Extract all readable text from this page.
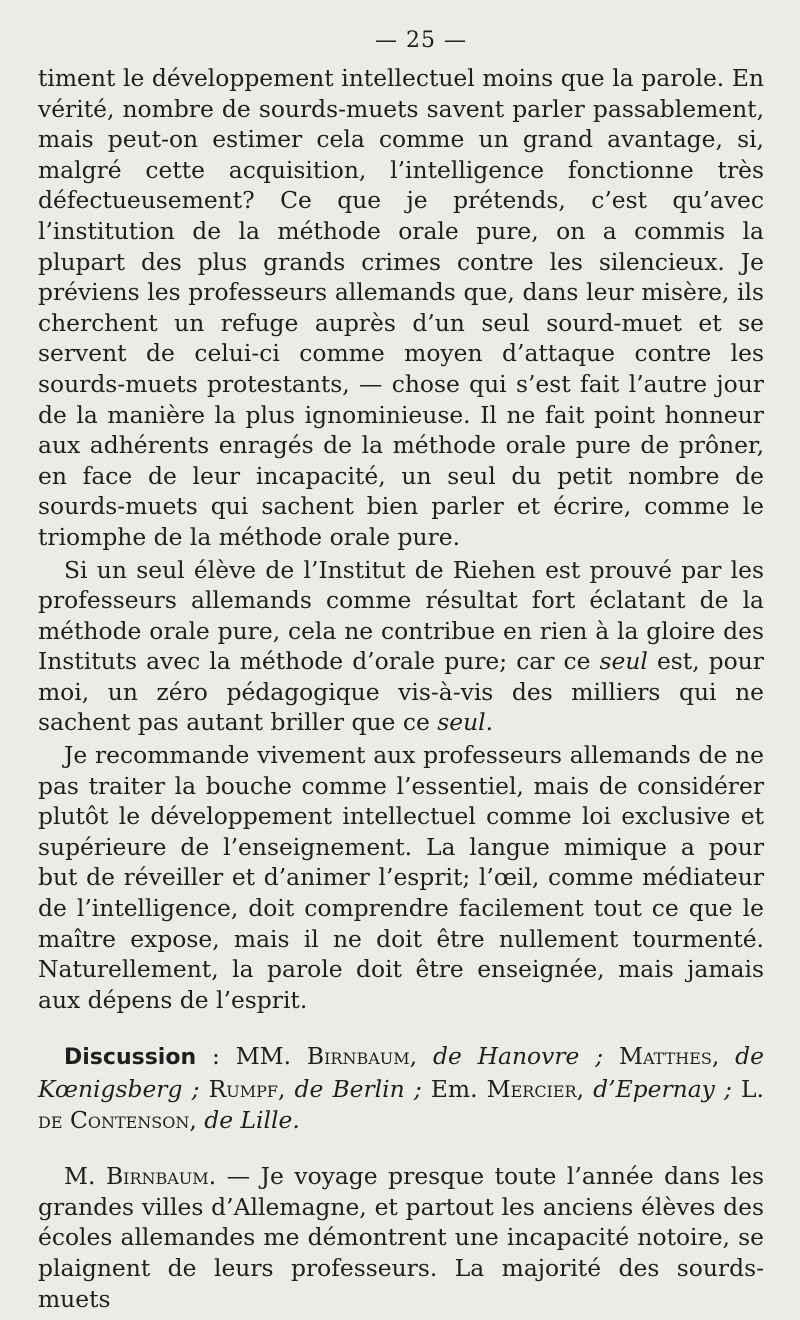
— 25 —

timent le développement intellectuel moins que la parole. En vérité, nombre de sourds-muets savent parler passablement, mais peut-on estimer cela comme un grand avantage, si, malgré cette acquisition, l’intelligence fonctionne très défectueusement? Ce que je prétends, c’est qu’avec l’institution de la méthode orale pure, on a commis la plupart des plus grands crimes contre les silencieux. Je préviens les professeurs allemands que, dans leur misère, ils cherchent un refuge auprès d’un seul sourd-muet et se servent de celui-ci comme moyen d’attaque contre les sourds-muets protestants, — chose qui s’est fait l’autre jour de la manière la plus ignominieuse. Il ne fait point honneur aux adhérents enragés de la méthode orale pure de prôner, en face de leur incapacité, un seul du petit nombre de sourds-muets qui sachent bien parler et écrire, comme le triomphe de la méthode orale pure.

Si un seul élève de l’Institut de Riehen est prouvé par les professeurs allemands comme résultat fort éclatant de la méthode orale pure, cela ne contribue en rien à la gloire des Instituts avec la méthode d’orale pure; car ce seul est, pour moi, un zéro pédagogique vis-à-vis des milliers qui ne sachent pas autant briller que ce seul.

Je recommande vivement aux professeurs allemands de ne pas traiter la bouche comme l’essentiel, mais de considérer plutôt le développement intellectuel comme loi exclusive et supérieure de l’enseignement. La langue mimique a pour but de réveiller et d’animer l’esprit; l’œil, comme médiateur de l’intelligence, doit comprendre facilement tout ce que le maître expose, mais il ne doit être nullement tourmenté. Naturellement, la parole doit être enseignée, mais jamais aux dépens de l’esprit.

Discussion : MM. Birnbaum, de Hanovre ; Matthes, de Kœnigsberg ; Rumpf, de Berlin ; Em. Mercier, d’Epernay ; L. de Contenson, de Lille.

M. Birnbaum. — Je voyage presque toute l’année dans les grandes villes d’Allemagne, et partout les anciens élèves des écoles allemandes me démontrent une incapacité notoire, se plaignent de leurs professeurs. La majorité des sourds-muets
